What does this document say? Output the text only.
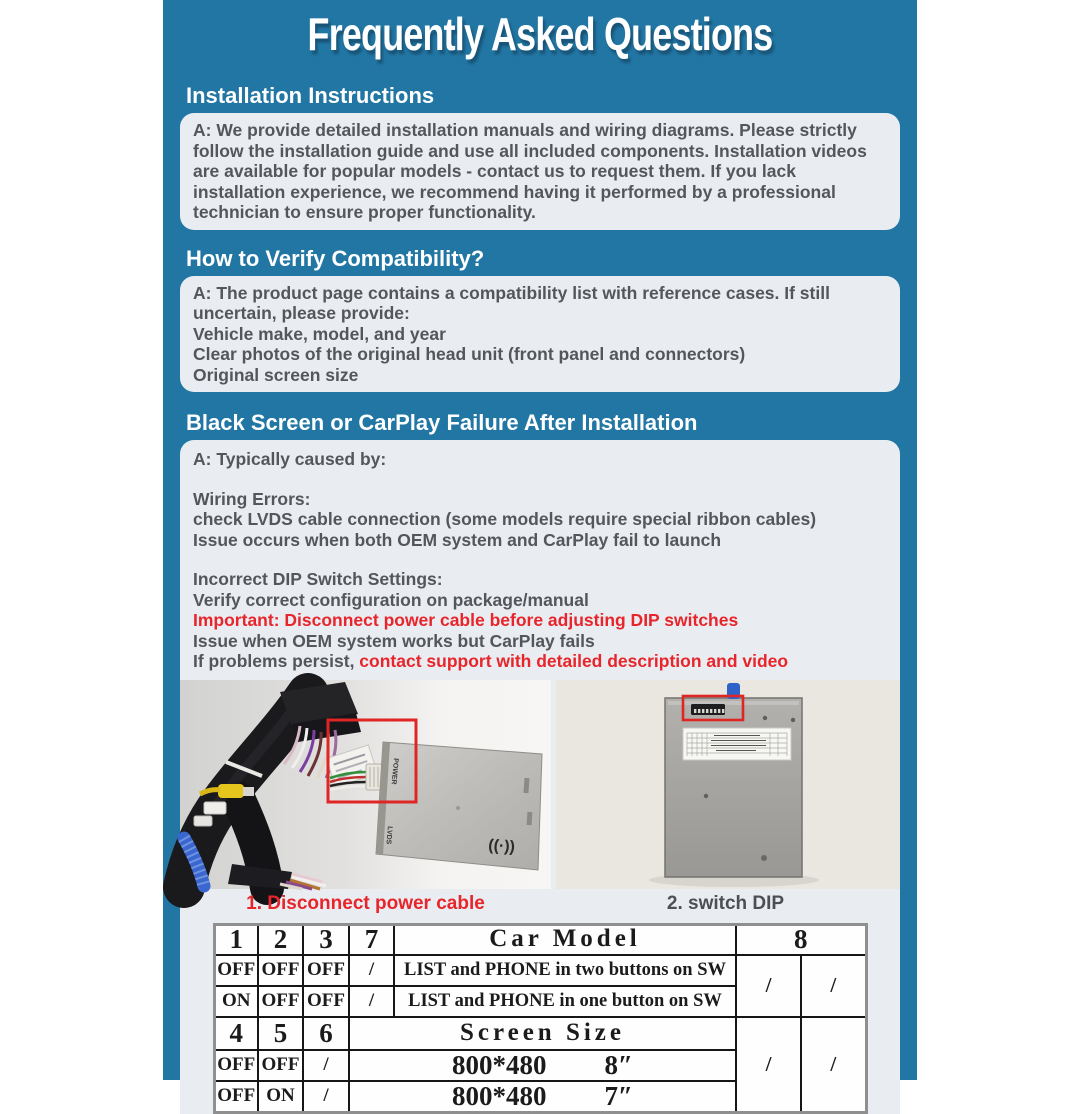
Frequently Asked Questions
Installation Instructions

A: We provide detailed installation manuals and wiring diagrams. Please strictly follow the installation guide and use all included components. Installation videos are available for popular models - contact us to request them. If you lack installation experience, we recommend having it performed by a professional technician to ensure proper functionality.

How to Verify Compatibility?
A: The product page contains a compatibility list with reference cases. If still uncertain, please provide:
Vehicle make, model, and year
Clear photos of the original head unit (front panel and connectors)
Original screen size
Black Screen or CarPlay Failure After Installation
A: Typically caused by:
Wiring Errors:
check LVDS cable connection (some models require special ribbon cables)
Issue occurs when both OEM system and CarPlay fail to launch
Incorrect DIP Switch Settings:
Verify correct configuration on package/manual
Important: Disconnect power cable before adjusting DIP switches
Issue when OEM system works but CarPlay fails
If problems persist, contact support with detailed description and video
POWER
LVDS
((·))
1. Disconnect power cable	2. switch DIP
1	2	3	7	Car Model	8	
OFF	OFF	OFF	/	LIST and PHONE in two buttons on SW	/	/
ON	OFF	OFF	/	LIST and PHONE in one button on SW		
4	5	6	Screen Size		/	/
OFF	OFF	/	800*480 8″			
OFF	ON	/	800*480 7″			
